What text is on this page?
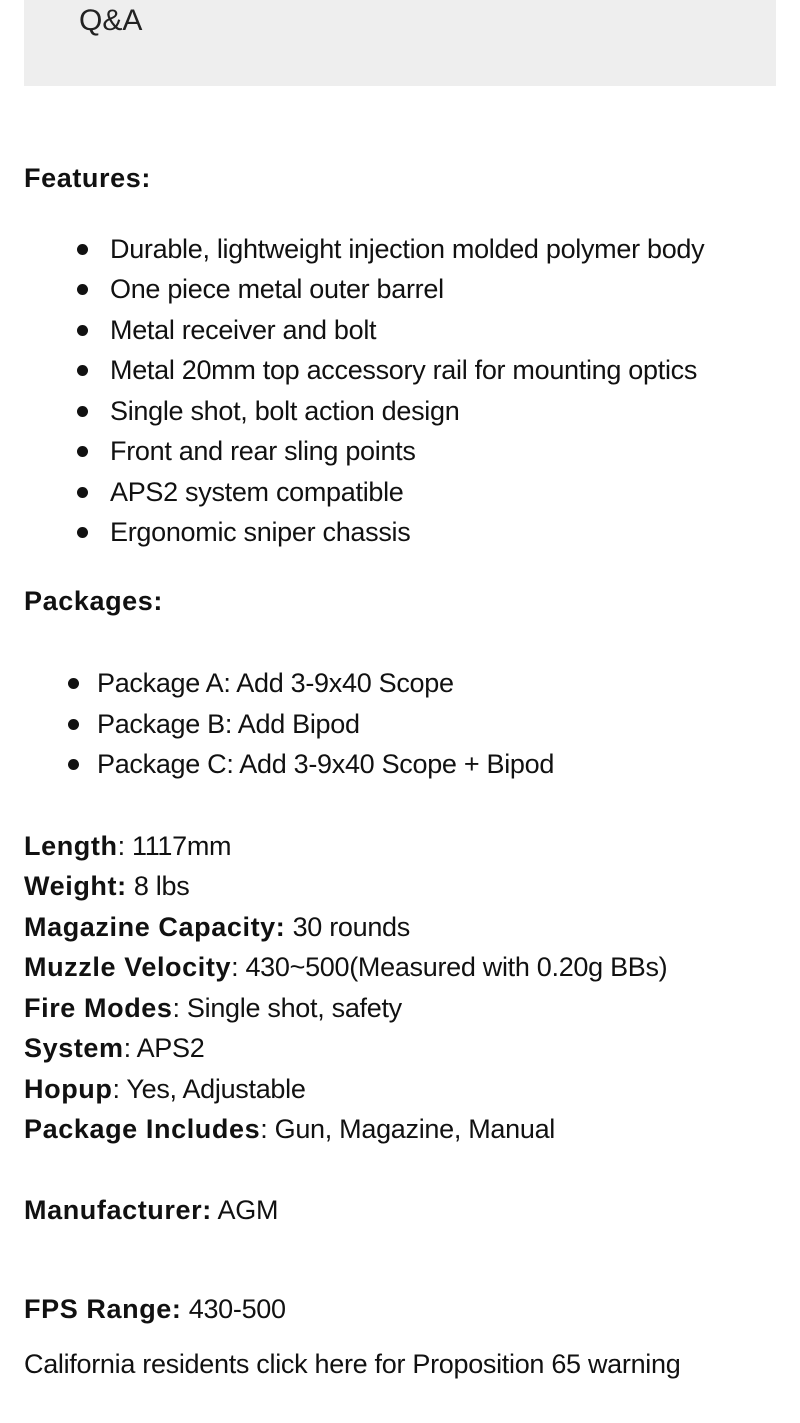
Q&A
Features:
Durable, lightweight injection molded polymer body
One piece metal outer barrel
Metal receiver and bolt
Metal 20mm top accessory rail for mounting optics
Single shot, bolt action design
Front and rear sling points
APS2 system compatible
Ergonomic sniper chassis
Packages:
Package A: Add 3-9x40 Scope
Package B: Add Bipod
Package C: Add 3-9x40 Scope + Bipod
Length: 1117mm
Weight: 8 lbs
Magazine Capacity: 30 rounds
Muzzle Velocity: 430~500(Measured with 0.20g BBs)
Fire Modes: Single shot, safety
System: APS2
Hopup: Yes, Adjustable
Package Includes: Gun, Magazine, Manual
Manufacturer: AGM
FPS Range: 430-500
California residents click here for Proposition 65 warning
